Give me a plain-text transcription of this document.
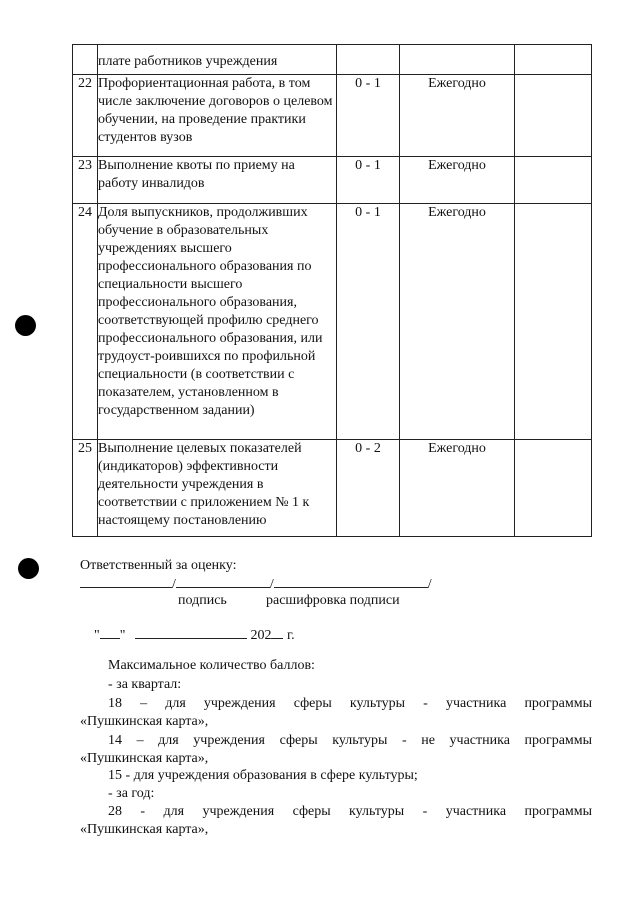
	плате работников учреждения			
22	Профориентационная работа, в том числе заключение договоров о целевом обучении, на проведение практики студентов вузов	0 - 1	Ежегодно	
23	Выполнение квоты по приему на работу инвалидов	0 - 1	Ежегодно	
24	Доля выпускников, продолживших обучение в образовательных учреждениях высшего профессионального образования по специальности высшего профессионального образования, соответствующей профилю среднего профессионального образования, или трудоуст-роившихся по профильной специальности (в соответствии с показателем, установленном в государственном задании)	0 - 1	Ежегодно	
25	Выполнение целевых показателей (индикаторов) эффективности деятельности учреждения в соответствии с приложением № 1 к настоящему постановлению	0 - 2	Ежегодно	
Ответственный за оценку:
/	/	/
подпись	расшифровка подписи
" "	202 г.
Максимальное количество баллов:
- за квартал:
18 – для учреждения сферы культуры - участника программы
«Пушкинская карта»,
14 – для учреждения сферы культуры - не участника программы
«Пушкинская карта»,
15 - для учреждения образования в сфере культуры;
- за год:
28 - для учреждения сферы культуры - участника программы
«Пушкинская карта»,
